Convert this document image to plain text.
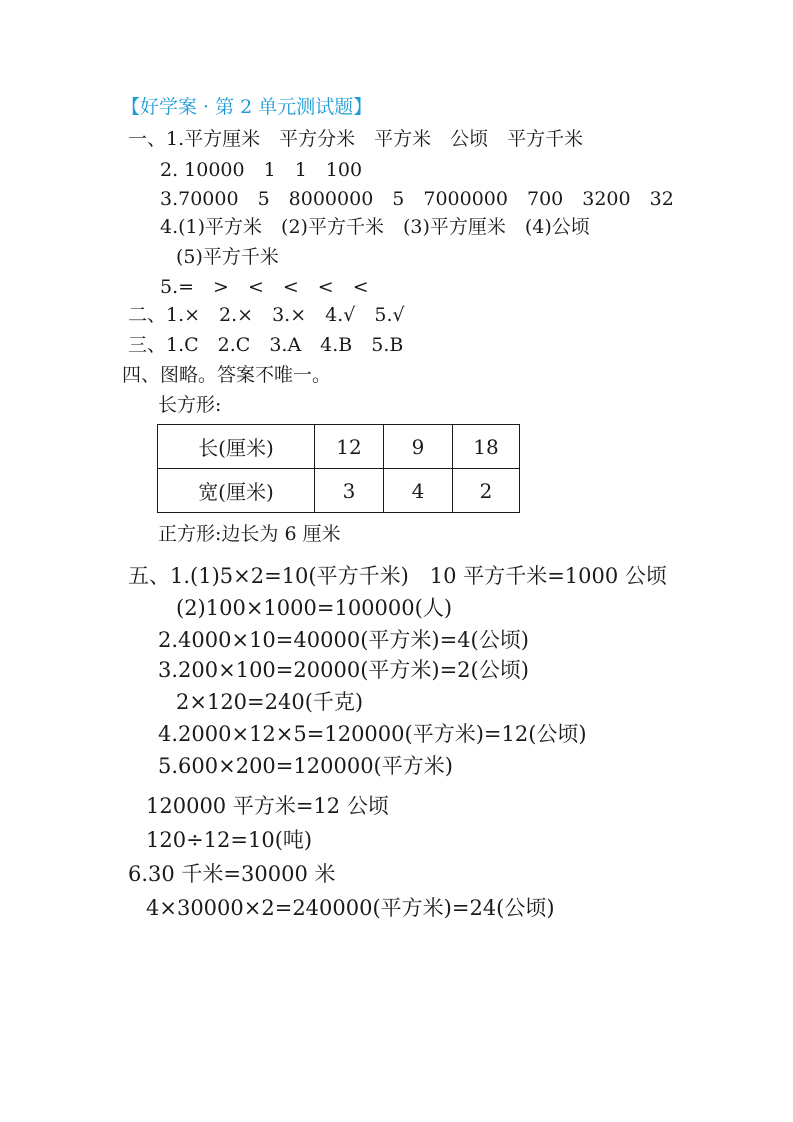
【好学案 · 第 2 单元测试题】
一、1.平方厘米　平方分米　平方米　公顷　平方千米
2. 10000　1　1　100
3.70000　5　8000000　5　7000000　700　3200　32
4.(1)平方米　(2)平方千米　(3)平方厘米　(4)公顷
(5)平方千米
5.=　>　<　<　<　<
二、1.×　2.×　3.×　4.√　5.√
三、1.C　2.C　3.A　4.B　5.B
四、图略。答案不唯一。
长方形:
长(厘米)	12	9	18
宽(厘米)	3	4	2
正方形:边长为 6 厘米
五、1.(1)5×2=10(平方千米)　10 平方千米=1000 公顷
(2)100×1000=100000(人)
2.4000×10=40000(平方米)=4(公顷)
3.200×100=20000(平方米)=2(公顷)
2×120=240(千克)
4.2000×12×5=120000(平方米)=12(公顷)
5.600×200=120000(平方米)
120000 平方米=12 公顷
120÷12=10(吨)
6.30 千米=30000 米
4×30000×2=240000(平方米)=24(公顷)
